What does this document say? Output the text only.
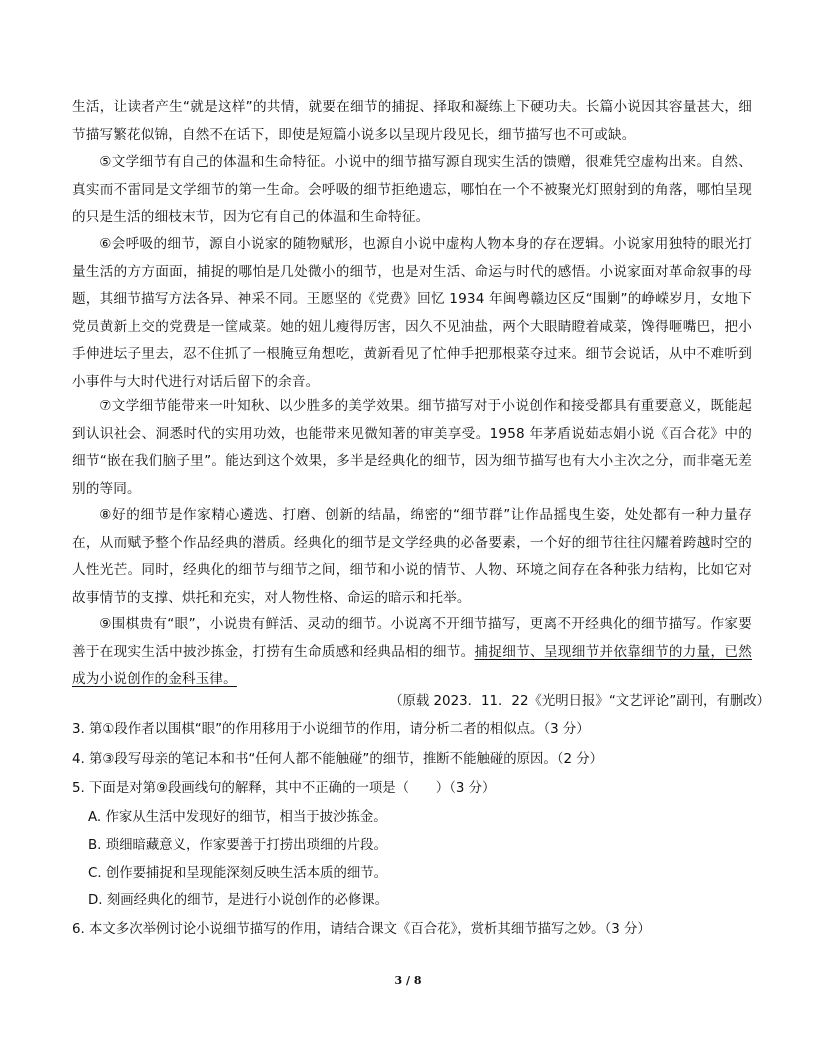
生活，让读者产生“就是这样”的共情，就要在细节的捕捉、择取和凝练上下硬功夫。长篇小说因其容量甚大，细节描写繁花似锦，自然不在话下，即使是短篇小说多以呈现片段见长，细节描写也不可或缺。

⑤文学细节有自己的体温和生命特征。小说中的细节描写源自现实生活的馈赠，很难凭空虚构出来。自然、真实而不雷同是文学细节的第一生命。会呼吸的细节拒绝遗忘，哪怕在一个不被聚光灯照射到的角落，哪怕呈现的只是生活的细枝末节，因为它有自己的体温和生命特征。

⑥会呼吸的细节，源自小说家的随物赋形，也源自小说中虚构人物本身的存在逻辑。小说家用独特的眼光打量生活的方方面面，捕捉的哪怕是几处微小的细节，也是对生活、命运与时代的感悟。小说家面对革命叙事的母题，其细节描写方法各异、神采不同。王愿坚的《党费》回忆 1934 年闽粤赣边区反“围剿”的峥嵘岁月，女地下党员黄新上交的党费是一筐咸菜。她的妞儿瘦得厉害，因久不见油盐，两个大眼睛瞪着咸菜，馋得咂嘴巴，把小手伸进坛子里去，忍不住抓了一根腌豆角想吃，黄新看见了忙伸手把那根菜夺过来。细节会说话，从中不难听到小事件与大时代进行对话后留下的余音。

⑦文学细节能带来一叶知秋、以少胜多的美学效果。细节描写对于小说创作和接受都具有重要意义，既能起到认识社会、洞悉时代的实用功效，也能带来见微知著的审美享受。1958 年茅盾说茹志娟小说《百合花》中的细节“嵌在我们脑子里”。能达到这个效果，多半是经典化的细节，因为细节描写也有大小主次之分，而非毫无差别的等同。

⑧好的细节是作家精心遴选、打磨、创新的结晶，绵密的“细节群”让作品摇曳生姿，处处都有一种力量存在，从而赋予整个作品经典的潜质。经典化的细节是文学经典的必备要素，一个好的细节往往闪耀着跨越时空的人性光芒。同时，经典化的细节与细节之间，细节和小说的情节、人物、环境之间存在各种张力结构，比如它对故事情节的支撑、烘托和充实，对人物性格、命运的暗示和托举。

⑨围棋贵有“眼”，小说贵有鲜活、灵动的细节。小说离不开细节描写，更离不开经典化的细节描写。作家要善于在现实生活中披沙拣金，打捞有生命质感和经典品相的细节。捕捉细节、呈现细节并依靠细节的力量，已然成为小说创作的金科玉律。

（原载 2023．11．22《光明日报》“文艺评论”副刊，有删改）
3. 第①段作者以围棋“眼”的作用移用于小说细节的作用，请分析二者的相似点。（3 分）
4. 第③段写母亲的笔记本和书“任何人都不能触碰”的细节，推断不能触碰的原因。（2 分）
5. 下面是对第⑨段画线句的解释，其中不正确的一项是（　　）（3 分）
A. 作家从生活中发现好的细节，相当于披沙拣金。
B. 琐细暗藏意义，作家要善于打捞出琐细的片段。
C. 创作要捕捉和呈现能深刻反映生活本质的细节。
D. 刻画经典化的细节，是进行小说创作的必修课。
6. 本文多次举例讨论小说细节描写的作用，请结合课文《百合花》，赏析其细节描写之妙。（3 分）
3 / 8
